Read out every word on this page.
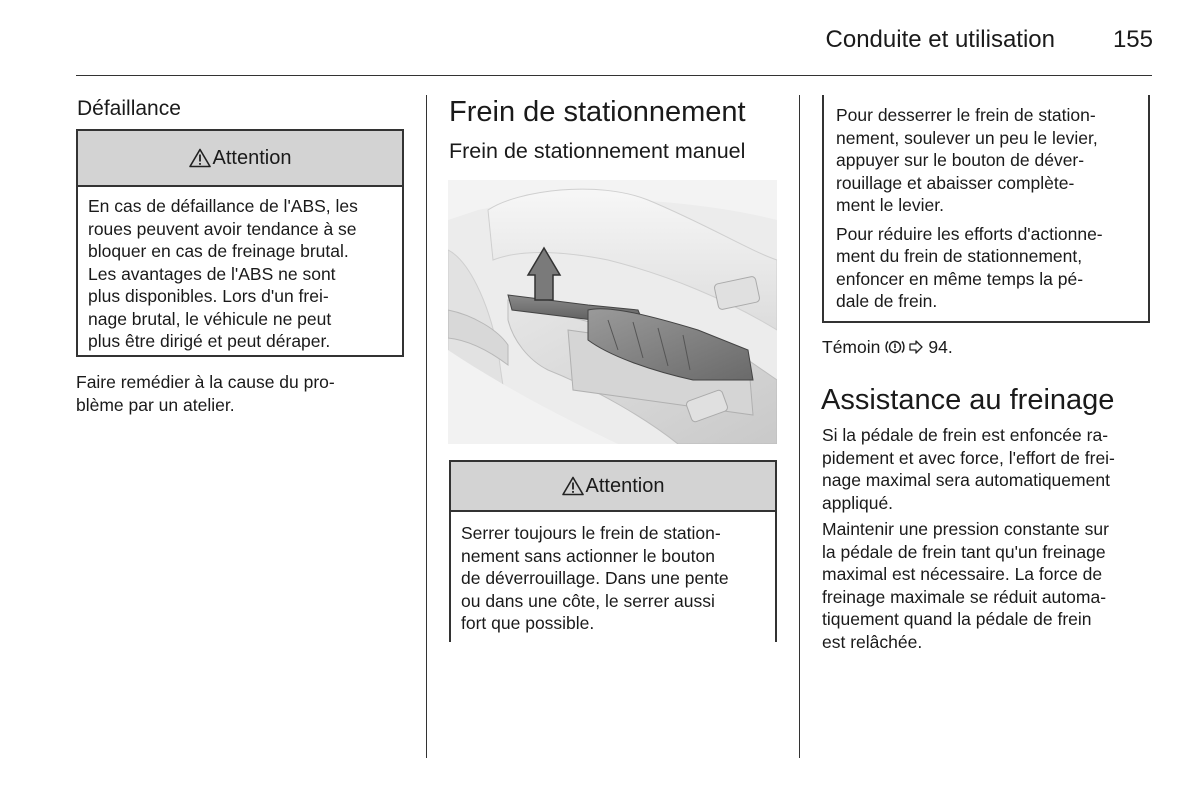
Conduite et utilisation	155
Défaillance
Attention
En cas de défaillance de l'ABS, les
roues peuvent avoir tendance à se
bloquer en cas de freinage brutal.
Les avantages de l'ABS ne sont
plus disponibles. Lors d'un frei-
nage brutal, le véhicule ne peut
plus être dirigé et peut déraper.

Faire remédier à la cause du pro-

blème par un atelier.

Frein de stationnement
Frein de stationnement manuel
Attention
Serrer toujours le frein de station-
nement sans actionner le bouton
de déverrouillage. Dans une pente
ou dans une côte, le serrer aussi
fort que possible.

Pour desserrer le frein de station-
nement, soulever un peu le levier,
appuyer sur le bouton de déver-
rouillage et abaisser complète-
ment le levier.

Pour réduire les efforts d'actionne-
ment du frein de stationnement,
enfoncer en même temps la pé-
dale de frein.

Témoin	94.
Assistance au freinage

Si la pédale de frein est enfoncée ra-

pidement et avec force, l'effort de frei-

nage maximal sera automatiquement

appliqué.

Maintenir une pression constante sur

la pédale de frein tant qu'un freinage

maximal est nécessaire. La force de

freinage maximale se réduit automa-

tiquement quand la pédale de frein

est relâchée.
